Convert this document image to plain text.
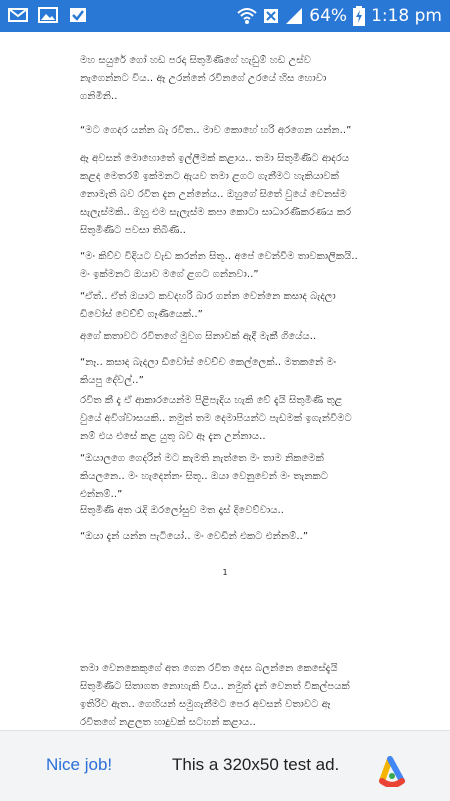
64% 1:18 pm

මහ සයුරේ ගෝ හඩ පරදා සිතුමිණිගේ හැඩුම් හඩ උස්ව නැගෙන්නට විය.. ඈ උරන්නේ රවිනගේ උරයේ හිස හොවා ගනිමිනි..

“මට ගෙදර යන්න බෑ රවිත.. මාව කොහේ හරි අරගෙන යන්න..”

ඈ අවසන් මොහොතේ ඉල්ලීමක් කළාය.. තමා සිතුමිණිට ආදරය කළද මෙතරම් ඉක්මනට ඇයව තමා ළගට ගැනීමට හැකියාවක් නොමැති බව රවිත දැන උන්නේය.. ඔහුගේ සිතේ වුයේ වෙනස්ම සැලැස්මකි.. ඔහු එම සැලැස්ම කපා කොටා සාධාරණීකරණය කර සිතුමිණිට පවසා තිබිණි..

“මං කිව්ව විදියට වැඩ කරන්න සිතූ.. අපේ වෙන්වීම තාවකාලිකයි.. මං ඉක්මනට ඔයාව මගේ ළගට ගන්නවා..”

“ඒත්.. ඒත් ඔයාට කවදහරි බාර ගන්න වෙන්නෙ කසාද බැදලා ඩිවෝස් වෙච්ච් ගෑණියෙක්..”

අගේ කතාවට රවිතගේ මුවග සිනාවක් ඇදී මැකී ගියේය..

“නෑ.. කසාද බැදලා ඩිවෝස් වෙච්ච කෙල්ලෙක්.. මතකනේ මං කියපු දේවල්..”

රවිත කී දැ ඒ ආකාරයෙන්ම පිළිපැදිය හැකි වේ දැයි සිතුමිණි තුළ වුයේ අවිශ්වාසයකි.. නමුත් තම දෙමාපියන්ට පැඩමක් ඉගැන්වීමට නම් එය එසේ කළ යුතු බව ඈ දැන උන්නාය..

“ඔයාලගෙ ගෙදරින් මට කැමති නැත්තෙ මං තාම නිකමෙක් කියලනෙ.. මං හැදෙන්නං සිතූ.. ඔයා වෙනුවෙන් මං තැනකට එන්නම්..”

සිතුමිණි අත රැදි ඔරලෝසුව මත දෑස් දිවෙව්වාය..

“ඔයා දැන් යන්න පැටියෝ.. මං වෙඩින් එකට එන්නම්..”

1

තමා වෙනකෙකුගේ අත ගෙන රවිත දෙස බලන්නෙ කෙසේදැයි සිතුමිණිට සිතාගත නොහැකි විය.. නමුත් දැන් වෙනත් විකල්පයක් ඉතිරිව ඇත.. ගෙහියන් සමුගැනීමට පෙර අවසන් වතාවට ඈ රවිතගේ නළලත හාදුවක් සටහන් කළාය..

Nice job!	This a 320x50 test ad.
